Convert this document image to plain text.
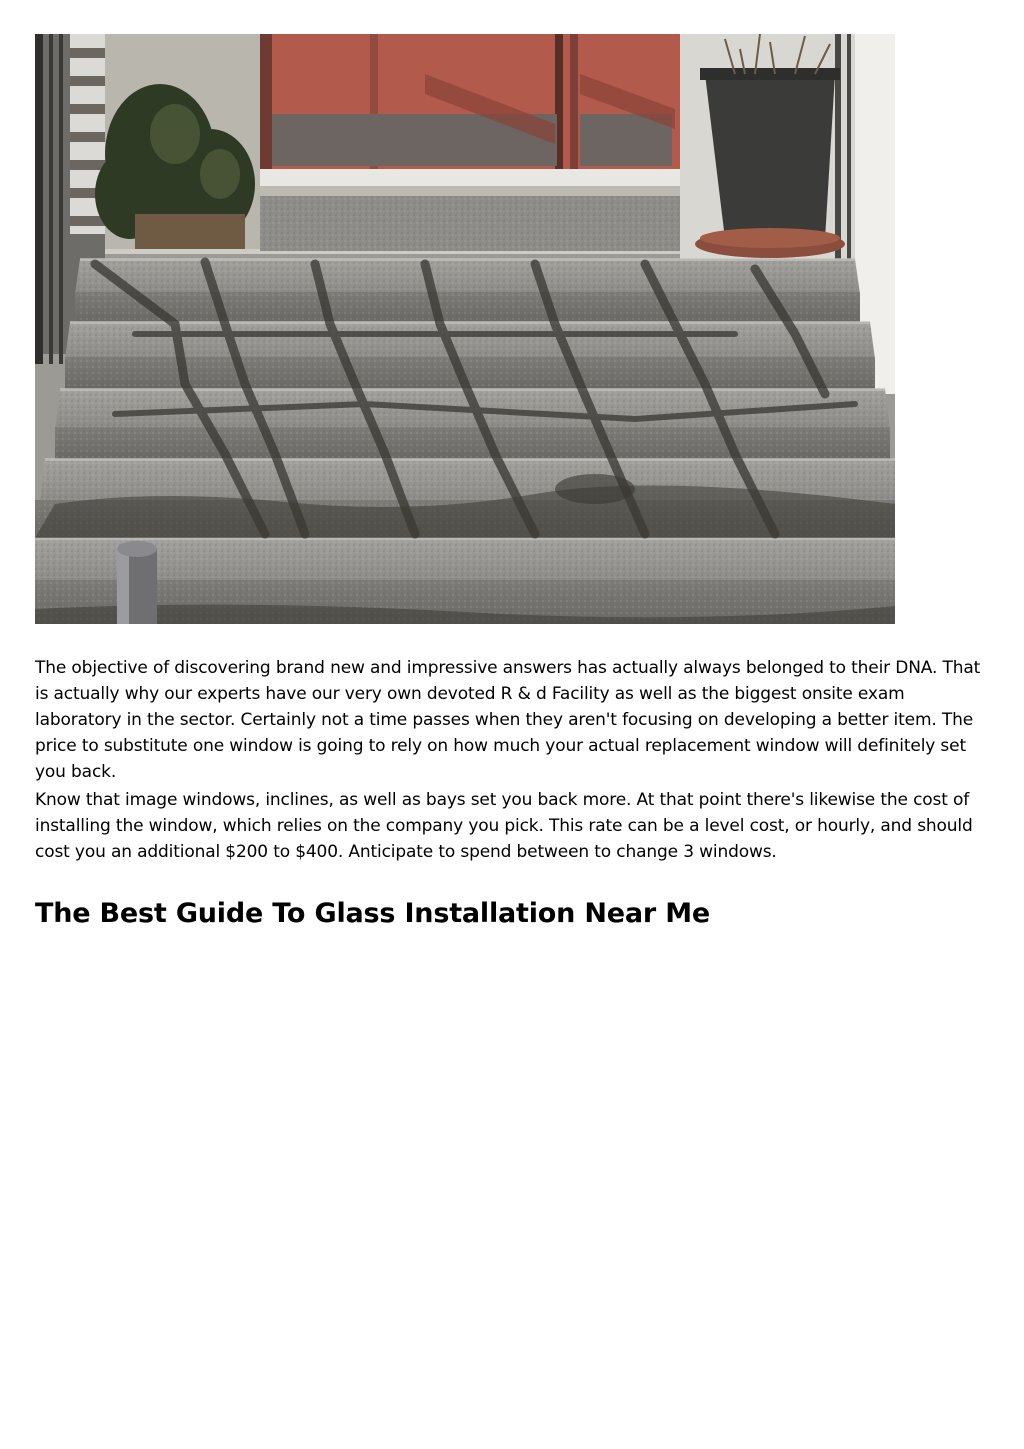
The objective of discovering brand new and impressive answers has actually always belonged to their DNA. That is actually why our experts have our very own devoted R & d Facility as well as the biggest onsite exam laboratory in the sector. Certainly not a time passes when they aren't focusing on developing a better item. The price to substitute one window is going to rely on how much your actual replacement window will definitely set you back.

Know that image windows, inclines, as well as bays set you back more. At that point there's likewise the cost of installing the window, which relies on the company you pick. This rate can be a level cost, or hourly, and should cost you an additional $200 to $400. Anticipate to spend between to change 3 windows.

The Best Guide To Glass Installation Near Me
